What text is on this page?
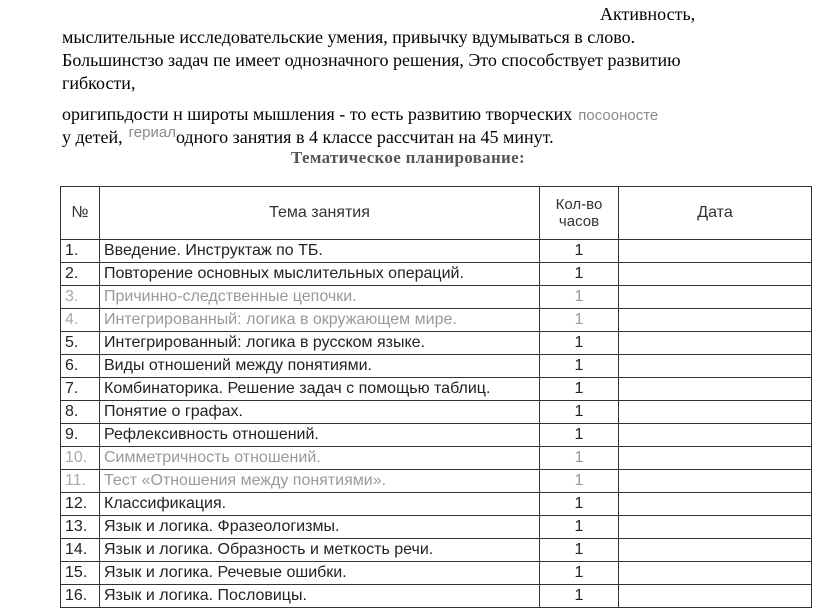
Активность,
мыслительные исследовательские умения, привычку вдумываться в слово.
Большинстзо задач пе имеет однозначного решения, Это способствует развитию
гибкости,
оригипьдости н широты мышления - то есть развитию творческих посооносте
у детей, $^{гериал}$одного занятия в 4 классе рассчитан на 45 минут.
Тематическое планирование:
№	Тема занятия	Кол-во часов	Дата
1.	Введение. Инструктаж по ТБ.	1	
2.	Повторение основных мыслительных операций.	1	
3.	Причинно-следственные цепочки.	1	
4.	Интегрированный: логика в окружающем мире.	1	
5.	Интегрированный: логика в русском языке.	1	
6.	Виды отношений между понятиями.	1	
7.	Комбинаторика. Решение задач с помощью таблиц.	1	
8.	Понятие о графах.	1	
9.	Рефлексивность отношений.	1	
10.	Симметричность отношений.	1	
11.	Тест «Отношения между понятиями».	1	
12.	Классификация.	1	
13.	Язык и логика. Фразеологизмы.	1	
14.	Язык и логика. Образность и меткость речи.	1	
15.	Язык и логика. Речевые ошибки.	1	
16.	Язык и логика. Пословицы.	1	
